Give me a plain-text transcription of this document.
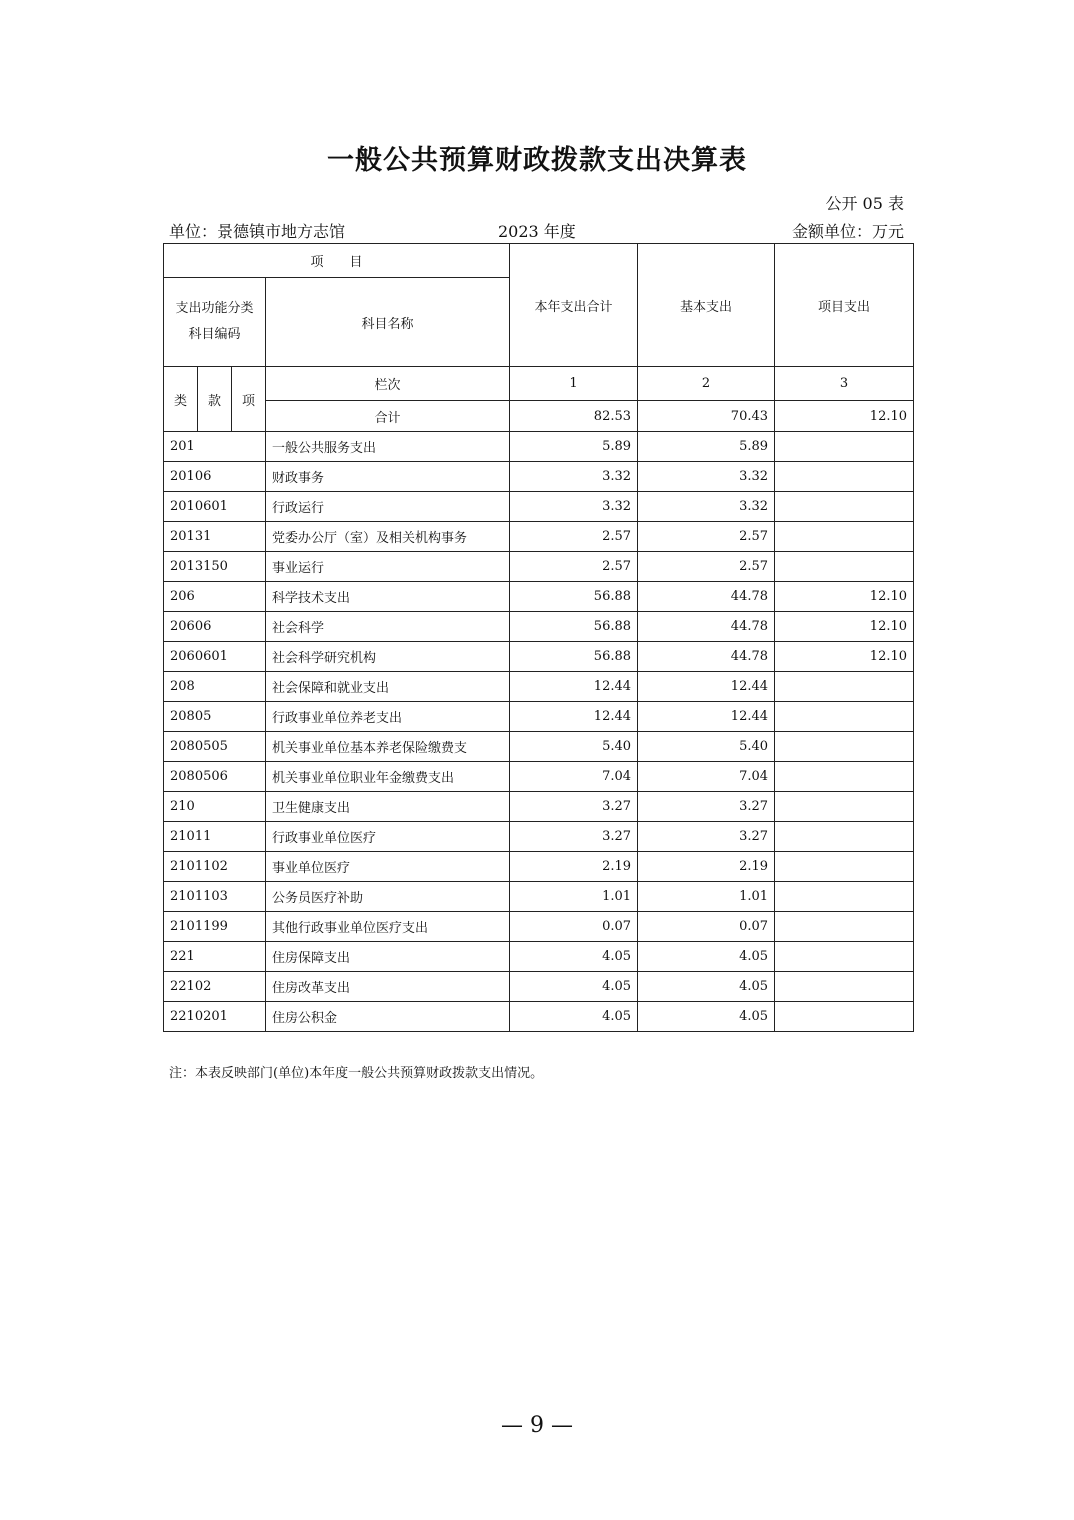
一般公共预算财政拨款支出决算表
公开 05 表
单位：景德镇市地方志馆	2023 年度	金额单位：万元
项　　目				本年支出合计	基本支出	项目支出

支出功能分类
科目编码			科目名称			
类	款	项	栏次	1	2	3
			合计	82.53	70.43	12.10
201			一般公共服务支出	5.89	5.89	
20106			财政事务	3.32	3.32	
2010601			行政运行	3.32	3.32	
20131			党委办公厅（室）及相关机构事务	2.57	2.57	
2013150			事业运行	2.57	2.57	
206			科学技术支出	56.88	44.78	12.10
20606			社会科学	56.88	44.78	12.10
2060601			社会科学研究机构	56.88	44.78	12.10
208			社会保障和就业支出	12.44	12.44	
20805			行政事业单位养老支出	12.44	12.44	
2080505			机关事业单位基本养老保险缴费支	5.40	5.40	
2080506			机关事业单位职业年金缴费支出	7.04	7.04	
210			卫生健康支出	3.27	3.27	
21011			行政事业单位医疗	3.27	3.27	
2101102			事业单位医疗	2.19	2.19	
2101103			公务员医疗补助	1.01	1.01	
2101199			其他行政事业单位医疗支出	0.07	0.07	
221			住房保障支出	4.05	4.05	
22102			住房改革支出	4.05	4.05	
2210201			住房公积金	4.05	4.05	
注：本表反映部门(单位)本年度一般公共预算财政拨款支出情况。
— 9 —
